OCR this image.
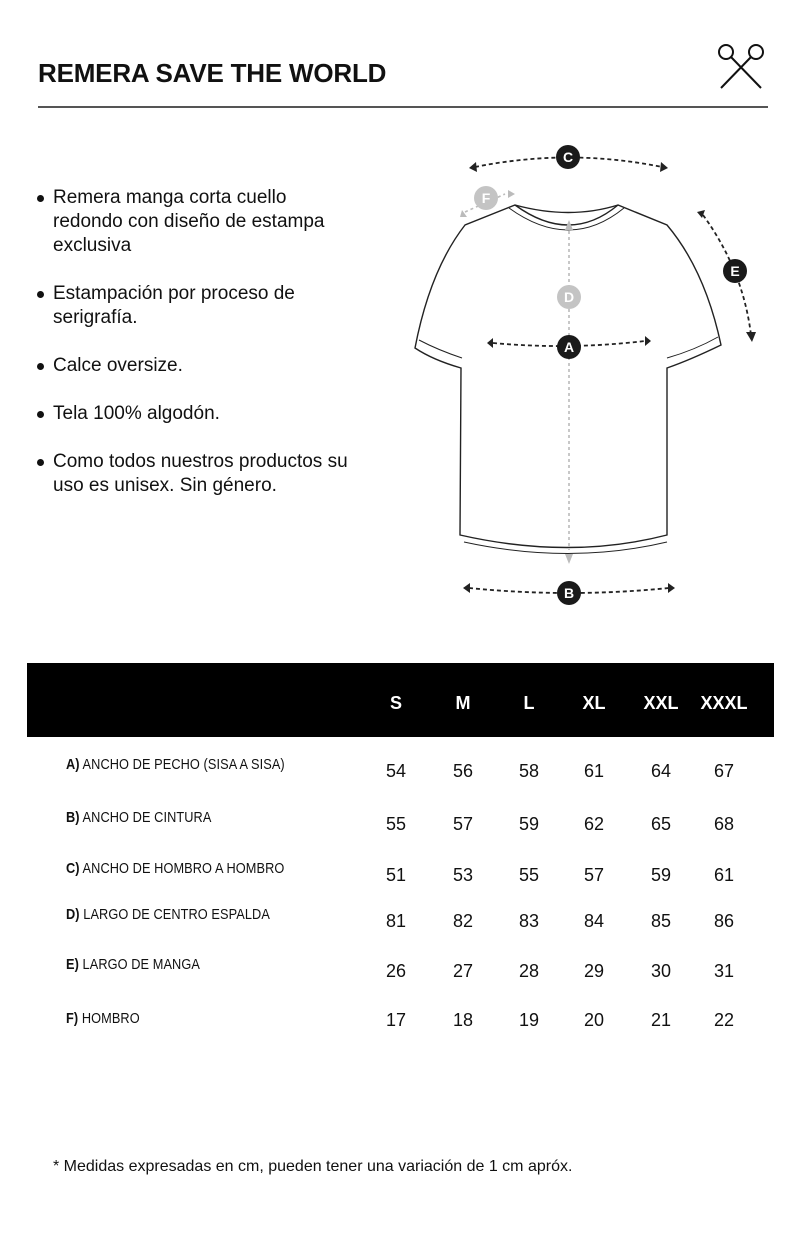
REMERA SAVE THE WORLD
Remera manga corta cuello redondo con diseño de estampa exclusiva
Estampación por proceso de serigrafía.
Calce oversize.
Tela 100% algodón.
Como todos nuestros productos su uso es unisex. Sin género.
C
F
E
D
A
B
S	M	L	XL	XXL	XXXL
A) ANCHO DE PECHO (SISA A SISA)	54	56	58	61	64	67
B) ANCHO DE CINTURA	55	57	59	62	65	68
C) ANCHO DE HOMBRO A HOMBRO	51	53	55	57	59	61
D) LARGO DE CENTRO ESPALDA	81	82	83	84	85	86
E) LARGO DE MANGA	26	27	28	29	30	31
F) HOMBRO	17	18	19	20	21	22
* Medidas expresadas en cm, pueden tener una variación de 1 cm apróx.
